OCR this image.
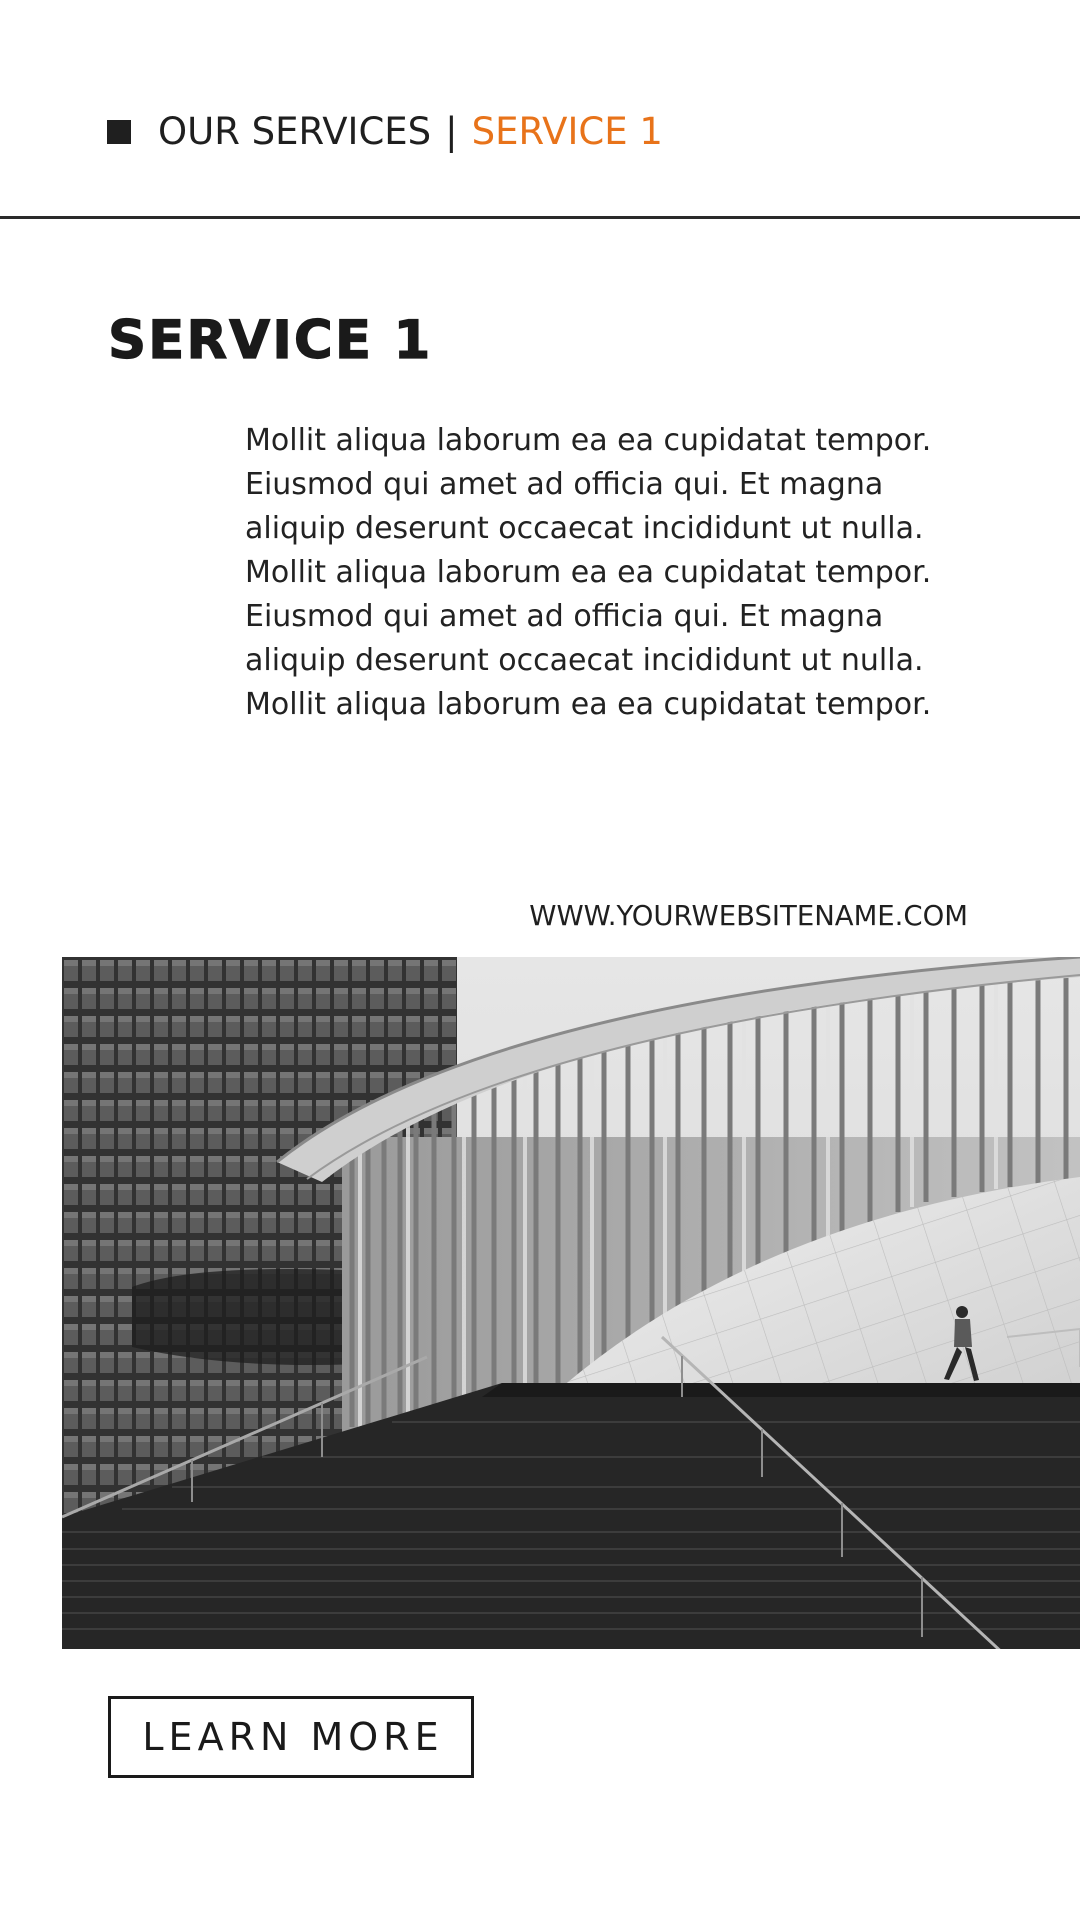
OUR SERVICES | SERVICE 1
SERVICE 1

Mollit aliqua laborum ea ea cupidatat tempor. Eiusmod qui amet ad officia qui. Et magna aliquip deserunt occaecat incididunt ut nulla. Mollit aliqua laborum ea ea cupidatat tempor. Eiusmod qui amet ad officia qui. Et magna aliquip deserunt occaecat incididunt ut nulla. Mollit aliqua laborum ea ea cupidatat tempor.

WWW.YOURWEBSITENAME.COM
LEARN MORE
